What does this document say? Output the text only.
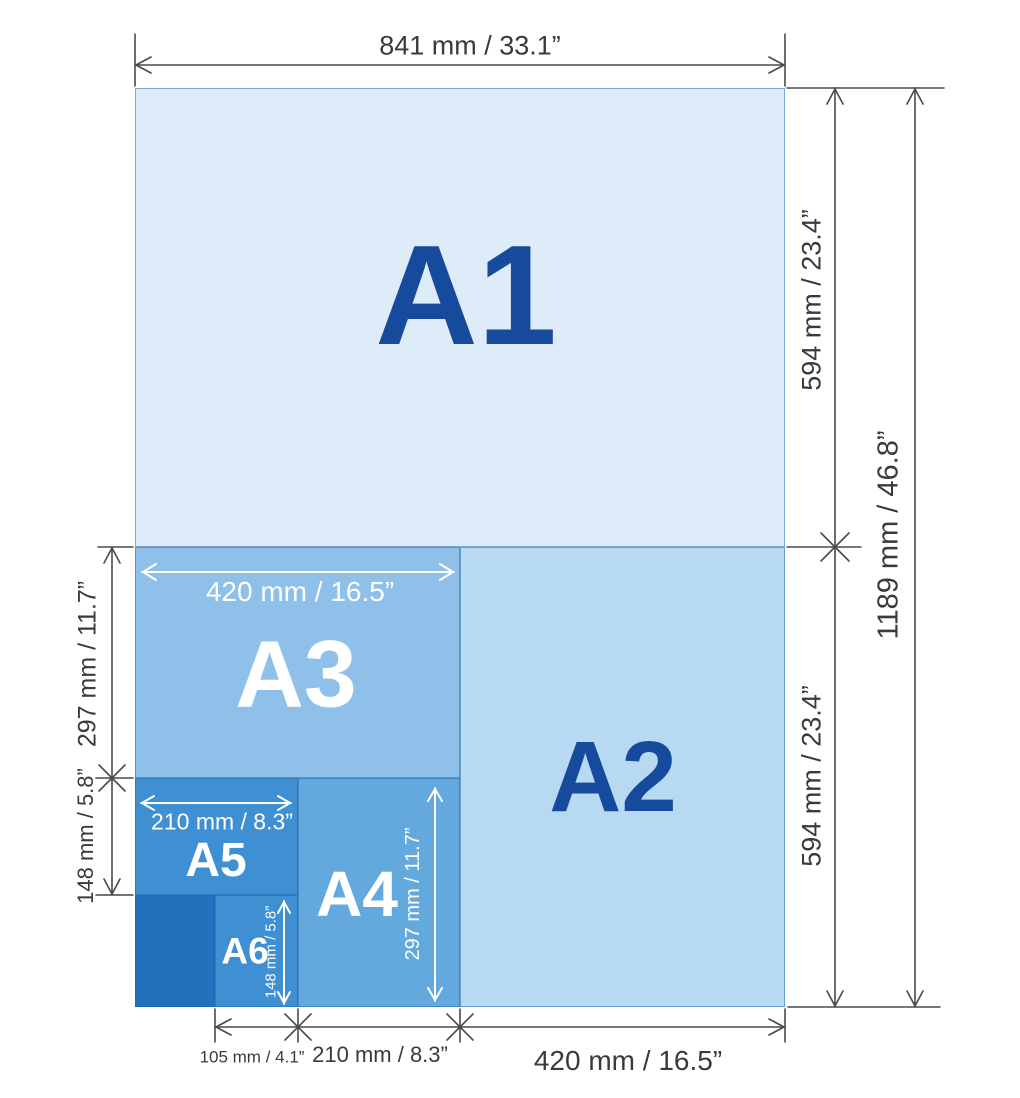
A1
A2
A3
A4
A5
A6
841 mm / 33.1”
594 mm / 23.4”
1189 mm / 46.8”
594 mm / 23.4”
297 mm / 11.7”
148 mm / 5.8”
105 mm / 4.1” 210 mm / 8.3”	420 mm / 16.5”
420 mm / 16.5”
210 mm / 8.3”
297 mm / 11.7”
148 mm / 5.8”
